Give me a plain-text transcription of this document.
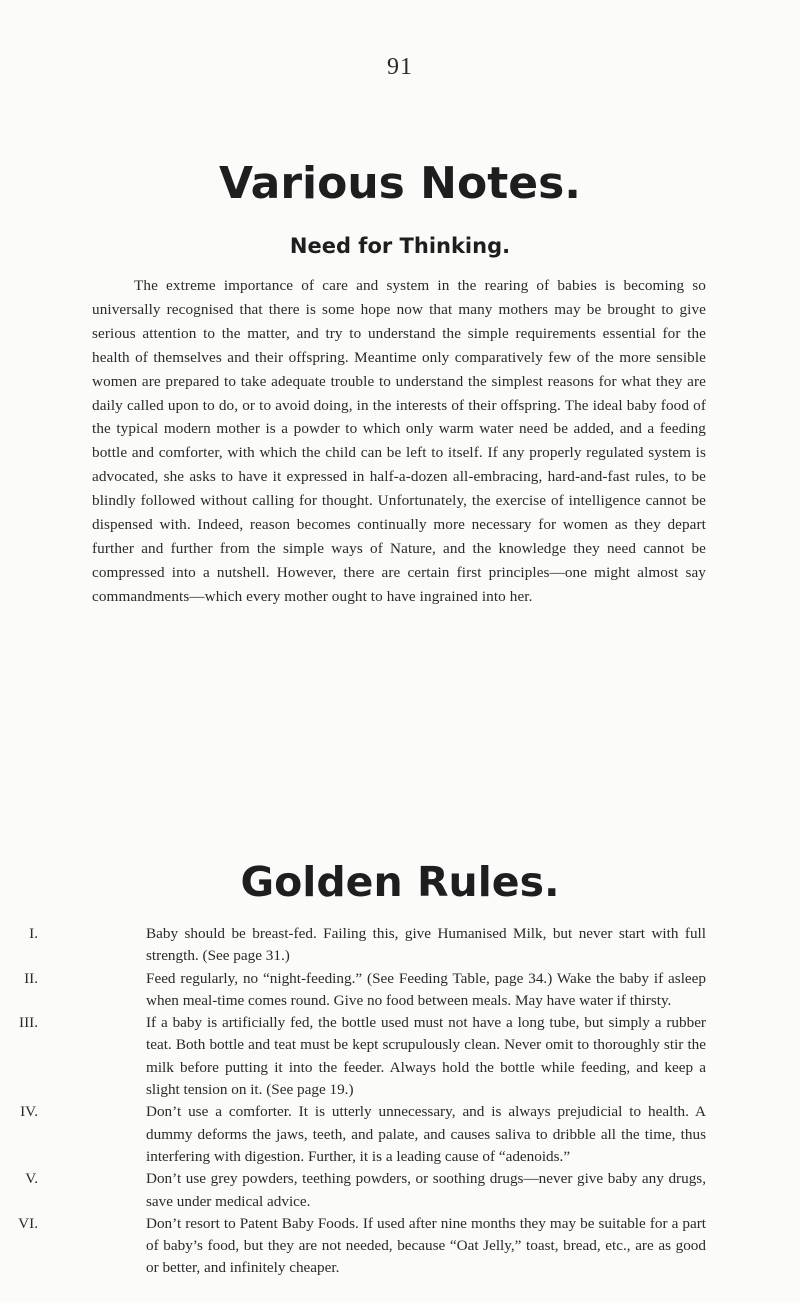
91
Various Notes.
Need for Thinking.

The extreme importance of care and system in the rearing of babies is becoming so universally recognised that there is some hope now that many mothers may be brought to give serious attention to the matter, and try to understand the simple requirements essential for the health of themselves and their offspring. Meantime only comparatively few of the more sensible women are prepared to take adequate trouble to understand the simplest reasons for what they are daily called upon to do, or to avoid doing, in the interests of their offspring. The ideal baby food of the typical modern mother is a powder to which only warm water need be added, and a feeding bottle and comforter, with which the child can be left to itself. If any properly regulated system is advocated, she asks to have it expressed in half-a-dozen all-embracing, hard-and-fast rules, to be blindly followed without calling for thought. Unfortunately, the exercise of intelligence cannot be dispensed with. Indeed, reason becomes continually more necessary for women as they depart further and further from the simple ways of Nature, and the knowledge they need cannot be compressed into a nutshell. However, there are certain first principles—one might almost say commandments—which every mother ought to have ingrained into her.

Golden Rules.
I.	Baby should be breast-fed. Failing this, give Humanised Milk, but never start with full strength. (See page 31.)
II.	Feed regularly, no “night-feeding.” (See Feeding Table, page 34.) Wake the baby if asleep when meal-time comes round. Give no food between meals. May have water if thirsty.
III.	If a baby is artificially fed, the bottle used must not have a long tube, but simply a rubber teat. Both bottle and teat must be kept scrupulously clean. Never omit to thoroughly stir the milk before putting it into the feeder. Always hold the bottle while feeding, and keep a slight tension on it. (See page 19.)
IV.	Don’t use a comforter. It is utterly unnecessary, and is always prejudicial to health. A dummy deforms the jaws, teeth, and palate, and causes saliva to dribble all the time, thus interfering with digestion. Further, it is a leading cause of “adenoids.”
V.	Don’t use grey powders, teething powders, or soothing drugs—never give baby any drugs, save under medical advice.
VI.	Don’t resort to Patent Baby Foods. If used after nine months they may be suitable for a part of baby’s food, but they are not needed, because “Oat Jelly,” toast, bread, etc., are as good or better, and infinitely cheaper.
